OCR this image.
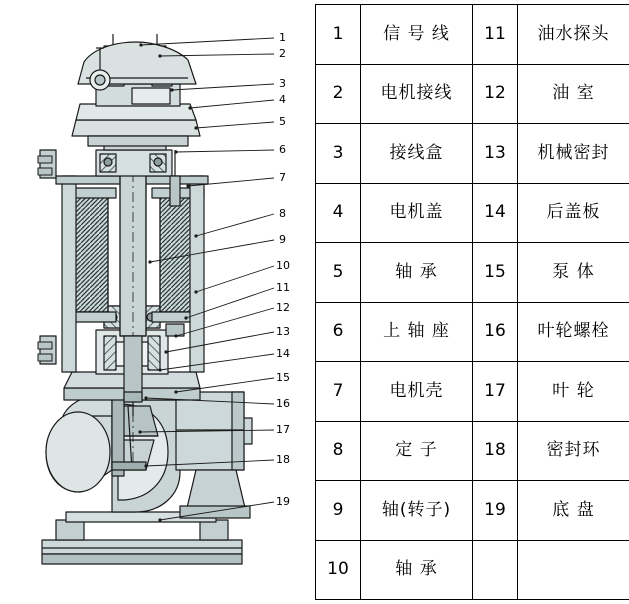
1
2
3
4
5
6
7
8
9
10
11
12
13
14
15
16
17
18
19
1	信 号 线	11	油水探头
2	电机接线	12	油 室
3	接线盒	13	机械密封
4	电机盖	14	后盖板
5	轴 承	15	泵 体
6	上 轴 座	16	叶轮螺栓
7	电机壳	17	叶 轮
8	定 子	18	密封环
9	轴(转子)	19	底 盘
10	轴 承		
